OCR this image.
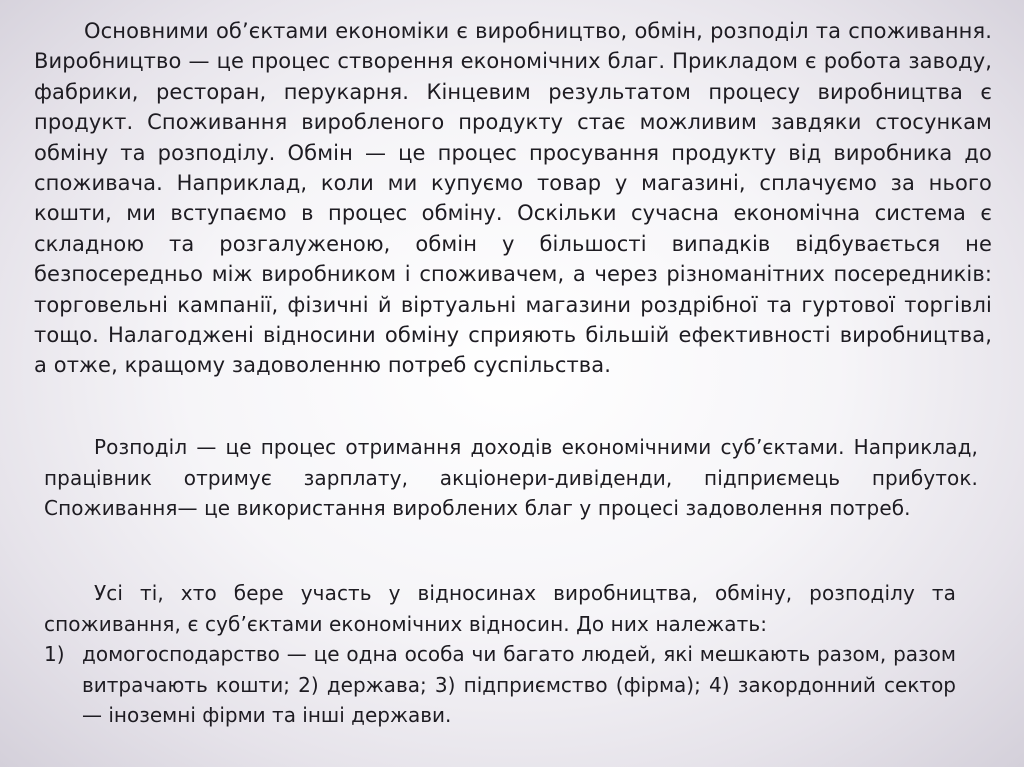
Основними об’єктами економіки є виробництво, обмін, розподіл та споживання. Виробництво — це процес створення економічних благ. Прикладом є робота заводу, фабрики, ресторан, перукарня. Кінцевим результатом процесу виробництва є продукт. Споживання виробленого продукту стає можливим завдяки стосункам обміну та розподілу. Обмін — це процес просування продукту від виробника до споживача. Наприклад, коли ми купуємо товар у магазині, сплачуємо за нього кошти, ми вступаємо в процес обміну. Оскільки сучасна економічна система є складною та розгалуженою, обмін у більшості випадків відбувається не безпосередньо між виробником і споживачем, а через різноманітних посередників: торговельні кампанії, фізичні й віртуальні магазини роздрібної та гуртової торгівлі тощо. Налагоджені відносини обміну сприяють більшій ефективності виробництва, а отже, кращому задоволенню потреб суспільства.

Розподіл — це процес отримання доходів економічними суб’єктами. Наприклад, працівник отримує зарплату, акціонери-дивіденди, підприємець прибуток. Споживання— це використання вироблених благ у процесі задоволення потреб.

Усі ті, хто бере участь у відносинах виробництва, обміну, розподілу та споживання, є суб’єктами економічних відносин. До них належать:

1) домогосподарство — це одна особа чи багато людей, які мешкають разом, разом витрачають кошти; 2) держава; 3) підприємство (фірма); 4) закордонний сектор — іноземні фірми та інші держави.
